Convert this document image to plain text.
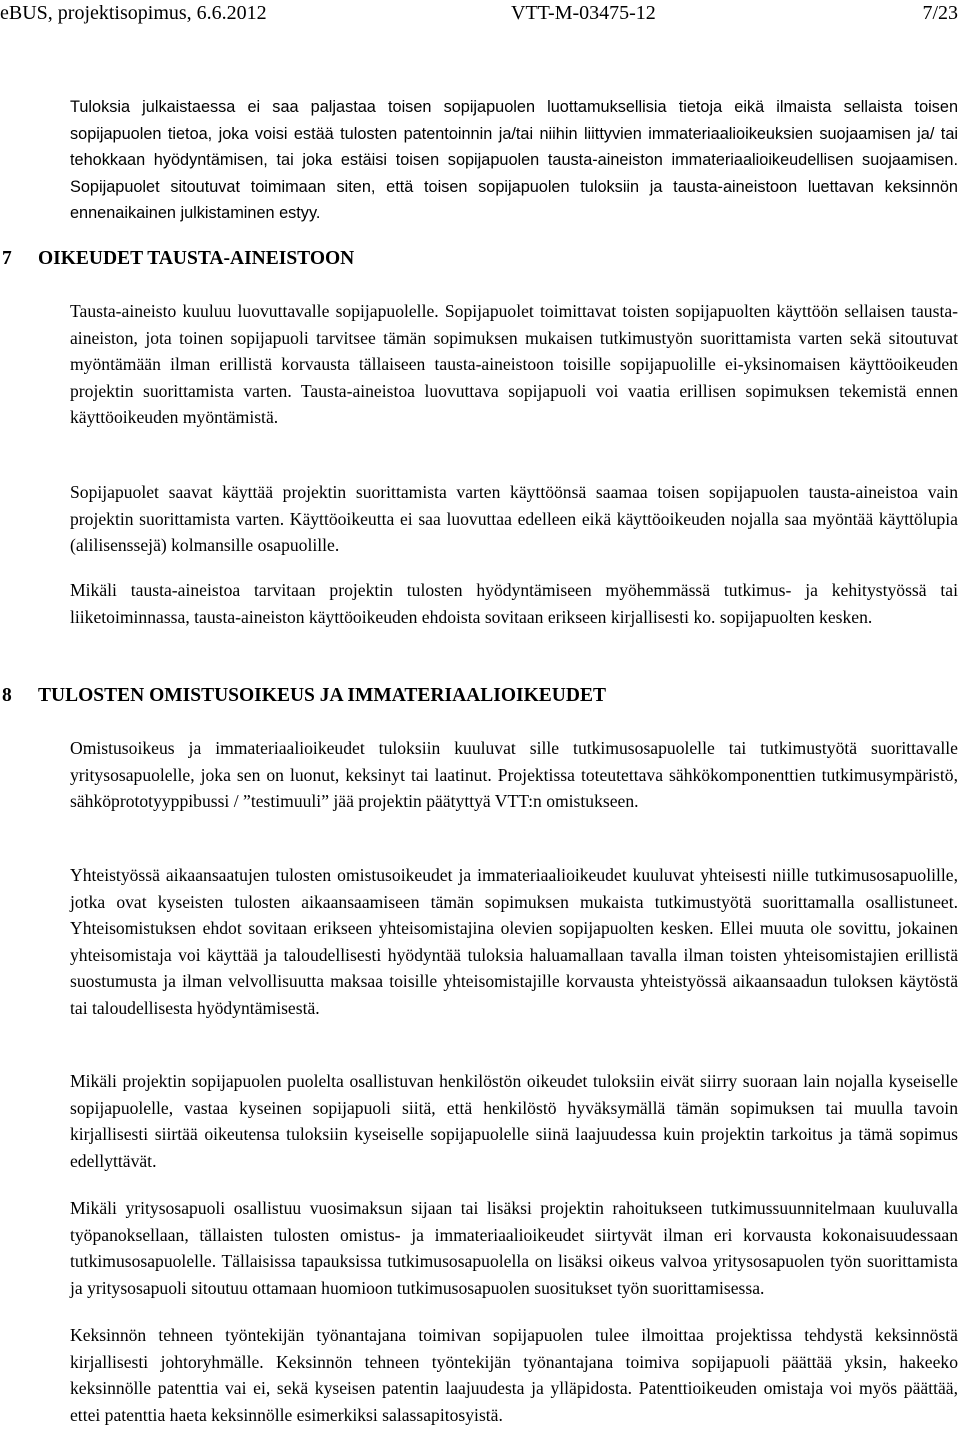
eBUS, projektisopimus, 6.6.2012	VTT-M-03475-12	7/23

Tuloksia julkaistaessa ei saa paljastaa toisen sopijapuolen luottamuksellisia tietoja eikä ilmaista sellaista toisen sopijapuolen tietoa, joka voisi estää tulosten patentoinnin ja/tai niihin liittyvien immateriaalioikeuksien suojaamisen ja/ tai tehokkaan hyödyntämisen, tai joka estäisi toisen sopijapuolen tausta-aineiston immateriaalioikeudellisen suojaamisen. Sopijapuolet sitoutuvat toimimaan siten, että toisen sopijapuolen tuloksiin ja tausta-aineistoon luettavan keksinnön ennenaikainen julkistaminen estyy.

7 OIKEUDET TAUSTA-AINEISTOON

Tausta-aineisto kuuluu luovuttavalle sopijapuolelle. Sopijapuolet toimittavat toisten sopijapuolten käyttöön sellaisen tausta-aineiston, jota toinen sopijapuoli tarvitsee tämän sopimuksen mukaisen tutkimustyön suorittamista varten sekä sitoutuvat myöntämään ilman erillistä korvausta tällaiseen tausta-aineistoon toisille sopijapuolille ei-yksinomaisen käyttöoikeuden projektin suorittamista varten. Tausta-aineistoa luovuttava sopijapuoli voi vaatia erillisen sopimuksen tekemistä ennen käyttöoikeuden myöntämistä.

Sopijapuolet saavat käyttää projektin suorittamista varten käyttöönsä saamaa toisen sopijapuolen tausta-aineistoa vain projektin suorittamista varten. Käyttöoikeutta ei saa luovuttaa edelleen eikä käyttöoikeuden nojalla saa myöntää käyttölupia (alilisenssejä) kolmansille osapuolille.

Mikäli tausta-aineistoa tarvitaan projektin tulosten hyödyntämiseen myöhemmässä tutkimus- ja kehitystyössä tai liiketoiminnassa, tausta-aineiston käyttöoikeuden ehdoista sovitaan erikseen kirjallisesti ko. sopijapuolten kesken.

8 TULOSTEN OMISTUSOIKEUS JA IMMATERIAALIOIKEUDET

Omistusoikeus ja immateriaalioikeudet tuloksiin kuuluvat sille tutkimusosapuolelle tai tutkimustyötä suorittavalle yritysosapuolelle, joka sen on luonut, keksinyt tai laatinut. Projektissa toteutettava sähkökomponenttien tutkimusympäristö, sähköprototyyppibussi / ”testimuuli” jää projektin päätyttyä VTT:n omistukseen.

Yhteistyössä aikaansaatujen tulosten omistusoikeudet ja immateriaalioikeudet kuuluvat yhteisesti niille tutkimusosapuolille, jotka ovat kyseisten tulosten aikaansaamiseen tämän sopimuksen mukaista tutkimustyötä suorittamalla osallistuneet. Yhteisomistuksen ehdot sovitaan erikseen yhteisomistajina olevien sopijapuolten kesken. Ellei muuta ole sovittu, jokainen yhteisomistaja voi käyttää ja taloudellisesti hyödyntää tuloksia haluamallaan tavalla ilman toisten yhteisomistajien erillistä suostumusta ja ilman velvollisuutta maksaa toisille yhteisomistajille korvausta yhteistyössä aikaansaadun tuloksen käytöstä tai taloudellisesta hyödyntämisestä.

Mikäli projektin sopijapuolen puolelta osallistuvan henkilöstön oikeudet tuloksiin eivät siirry suoraan lain nojalla kyseiselle sopijapuolelle, vastaa kyseinen sopijapuoli siitä, että henkilöstö hyväksymällä tämän sopimuksen tai muulla tavoin kirjallisesti siirtää oikeutensa tuloksiin kyseiselle sopijapuolelle siinä laajuudessa kuin projektin tarkoitus ja tämä sopimus edellyttävät.

Mikäli yritysosapuoli osallistuu vuosimaksun sijaan tai lisäksi projektin rahoitukseen tutkimussuunnitelmaan kuuluvalla työpanoksellaan, tällaisten tulosten omistus- ja immateriaalioikeudet siirtyvät ilman eri korvausta kokonaisuudessaan tutkimusosapuolelle. Tällaisissa tapauksissa tutkimusosapuolella on lisäksi oikeus valvoa yritysosapuolen työn suorittamista ja yritysosapuoli sitoutuu ottamaan huomioon tutkimusosapuolen suositukset työn suorittamisessa.

Keksinnön tehneen työntekijän työnantajana toimivan sopijapuolen tulee ilmoittaa projektissa tehdystä keksinnöstä kirjallisesti johtoryhmälle. Keksinnön tehneen työntekijän työnantajana toimiva sopijapuoli päättää yksin, hakeeko keksinnölle patenttia vai ei, sekä kyseisen patentin laajuudesta ja ylläpidosta. Patenttioikeuden omistaja voi myös päättää, ettei patenttia haeta keksinnölle esimerkiksi salassapitosyistä.
